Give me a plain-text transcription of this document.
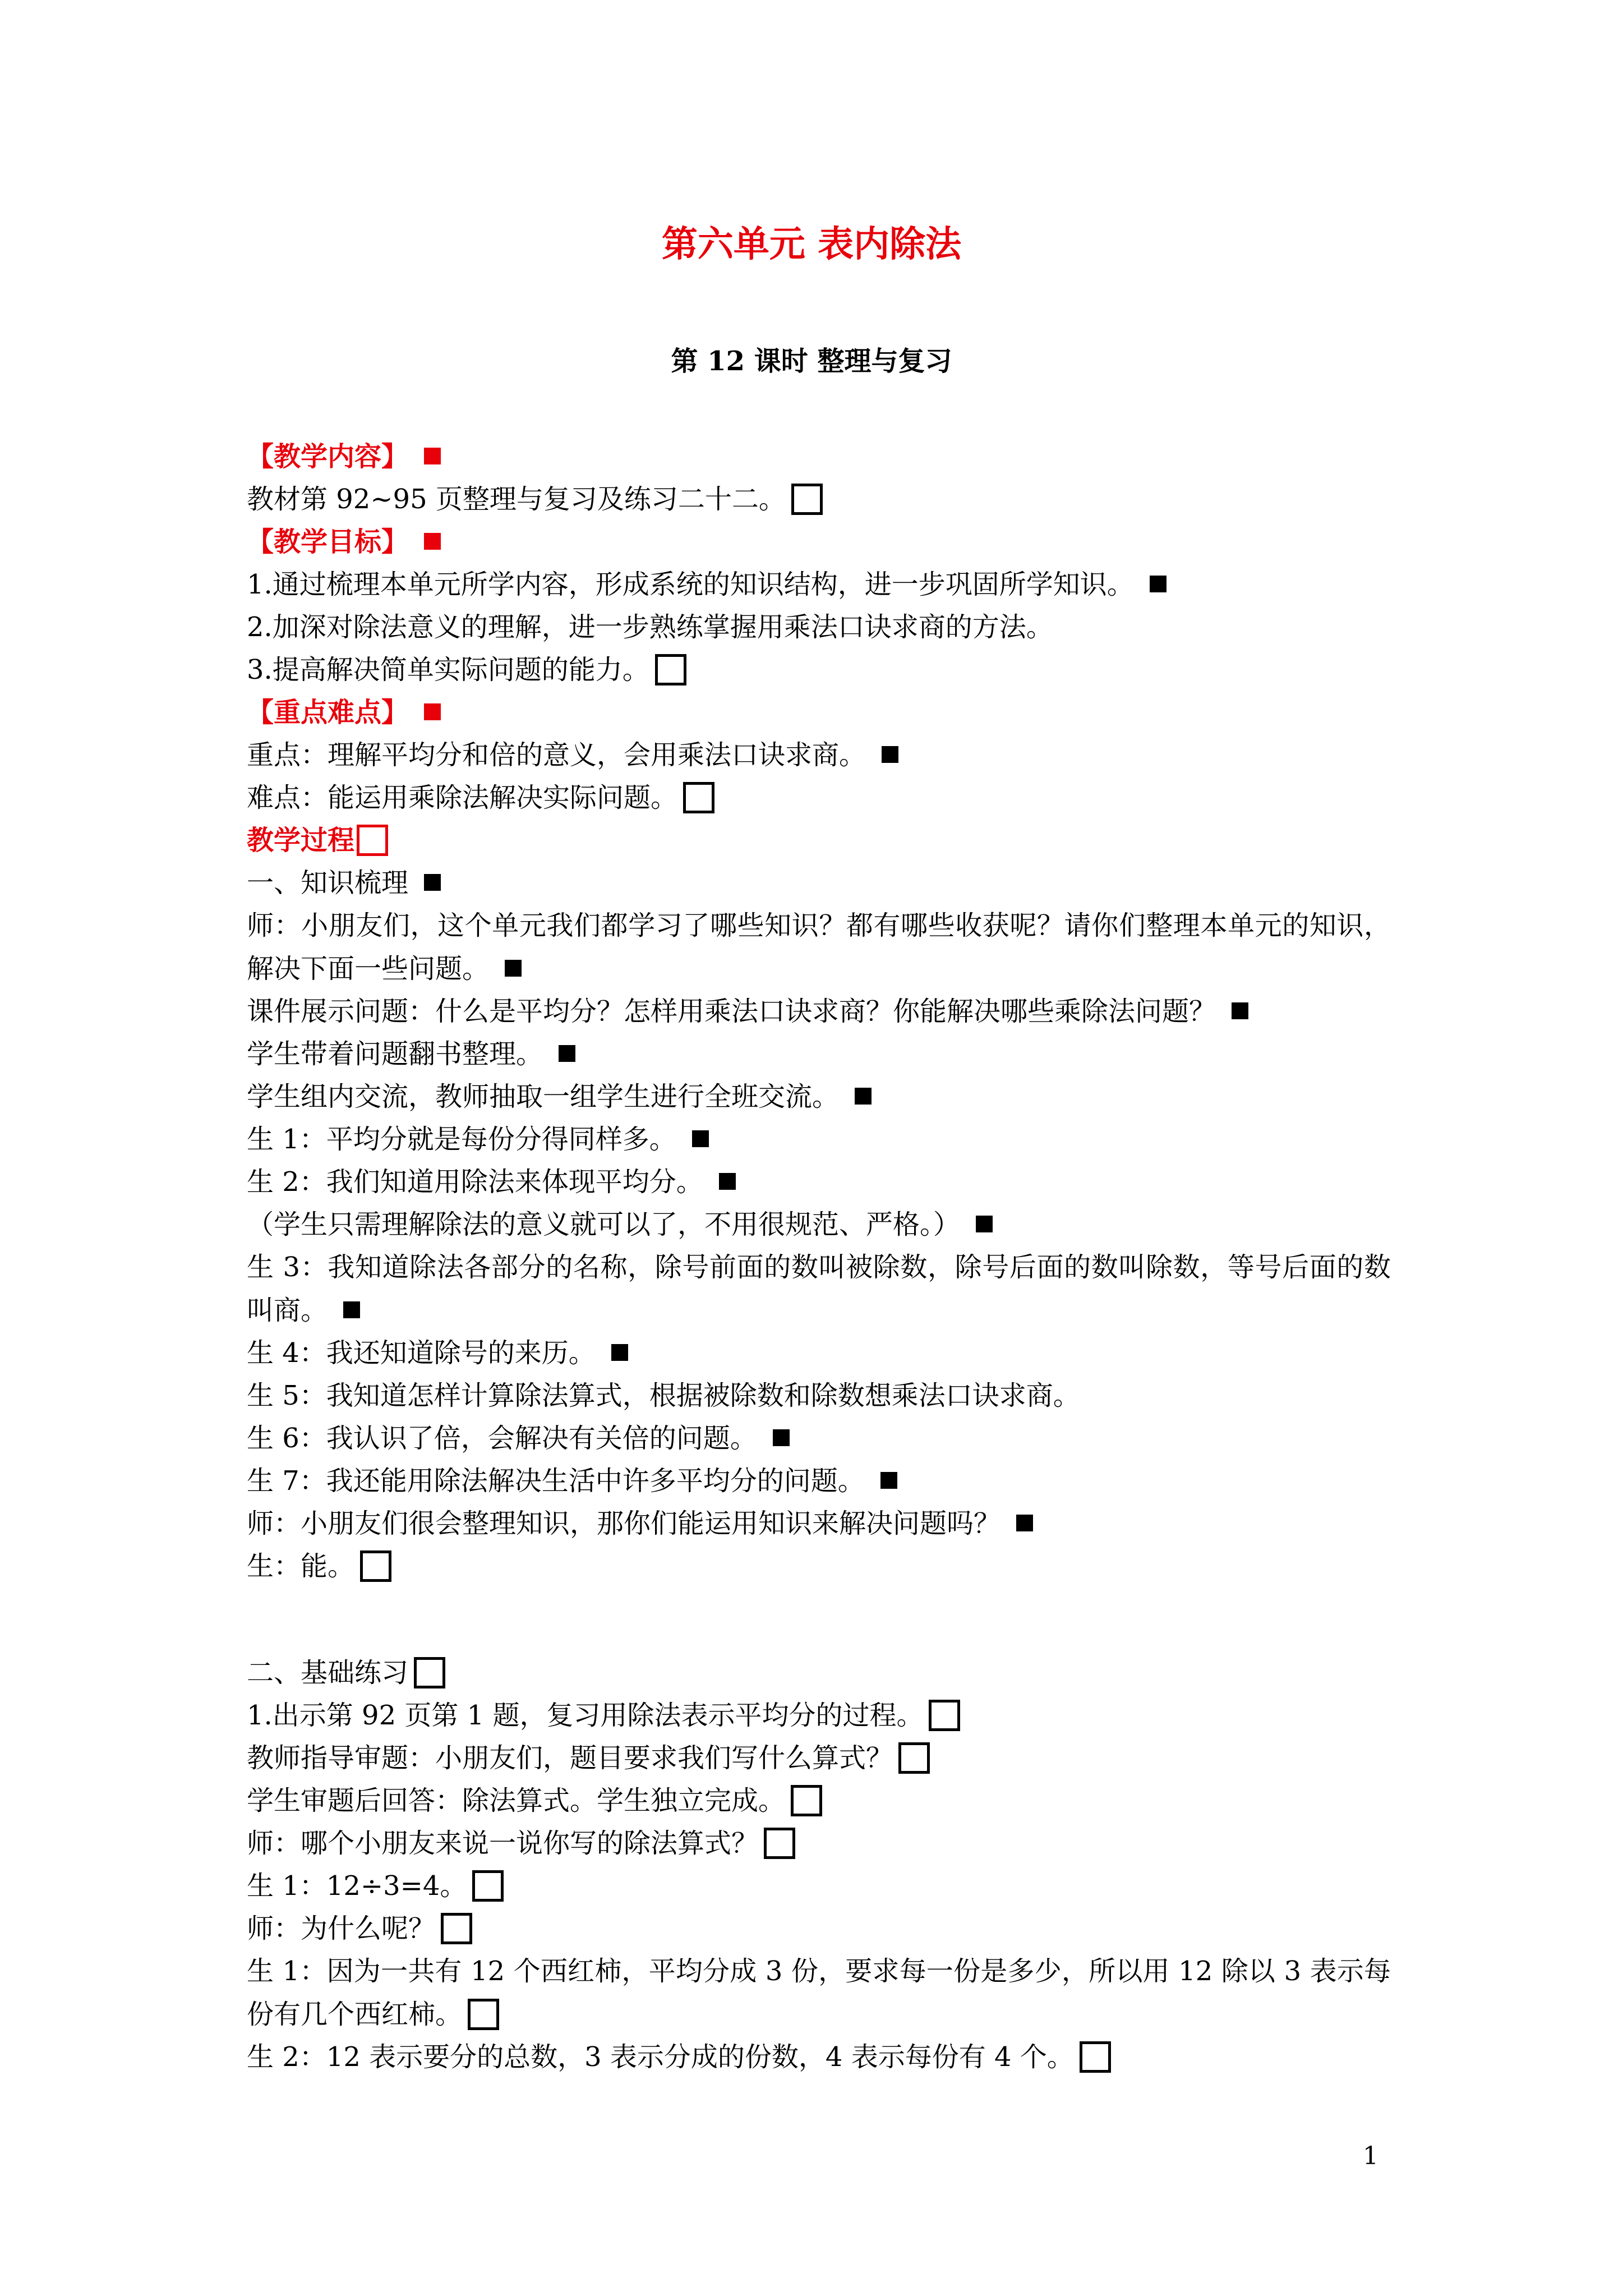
第六单元 表内除法
第 12 课时 整理与复习
【教学内容】
教材第 92~95 页整理与复习及练习二十二。
【教学目标】
1.通过梳理本单元所学内容，形成系统的知识结构，进一步巩固所学知识。
2.加深对除法意义的理解，进一步熟练掌握用乘法口诀求商的方法。
3.提高解决简单实际问题的能力。
【重点难点】
重点：理解平均分和倍的意义，会用乘法口诀求商。
难点：能运用乘除法解决实际问题。
教学过程
一、知识梳理
师：小朋友们，这个单元我们都学习了哪些知识？都有哪些收获呢？请你们整理本单元的知识，解决下面一些问题。
课件展示问题：什么是平均分？怎样用乘法口诀求商？你能解决哪些乘除法问题？
学生带着问题翻书整理。
学生组内交流，教师抽取一组学生进行全班交流。
生 1：平均分就是每份分得同样多。
生 2：我们知道用除法来体现平均分。
（学生只需理解除法的意义就可以了，不用很规范、严格。）
生 3：我知道除法各部分的名称，除号前面的数叫被除数，除号后面的数叫除数，等号后面的数叫商。
生 4：我还知道除号的来历。
生 5：我知道怎样计算除法算式，根据被除数和除数想乘法口诀求商。
生 6：我认识了倍，会解决有关倍的问题。
生 7：我还能用除法解决生活中许多平均分的问题。
师：小朋友们很会整理知识，那你们能运用知识来解决问题吗？
生：能。
二、基础练习
1.出示第 92 页第 1 题，复习用除法表示平均分的过程。
教师指导审题：小朋友们，题目要求我们写什么算式？
学生审题后回答：除法算式。学生独立完成。
师：哪个小朋友来说一说你写的除法算式？
生 1：12÷3=4。
师：为什么呢？
生 1：因为一共有 12 个西红柿，平均分成 3 份，要求每一份是多少，所以用 12 除以 3 表示每份有几个西红柿。
生 2：12 表示要分的总数，3 表示分成的份数，4 表示每份有 4 个。
1
